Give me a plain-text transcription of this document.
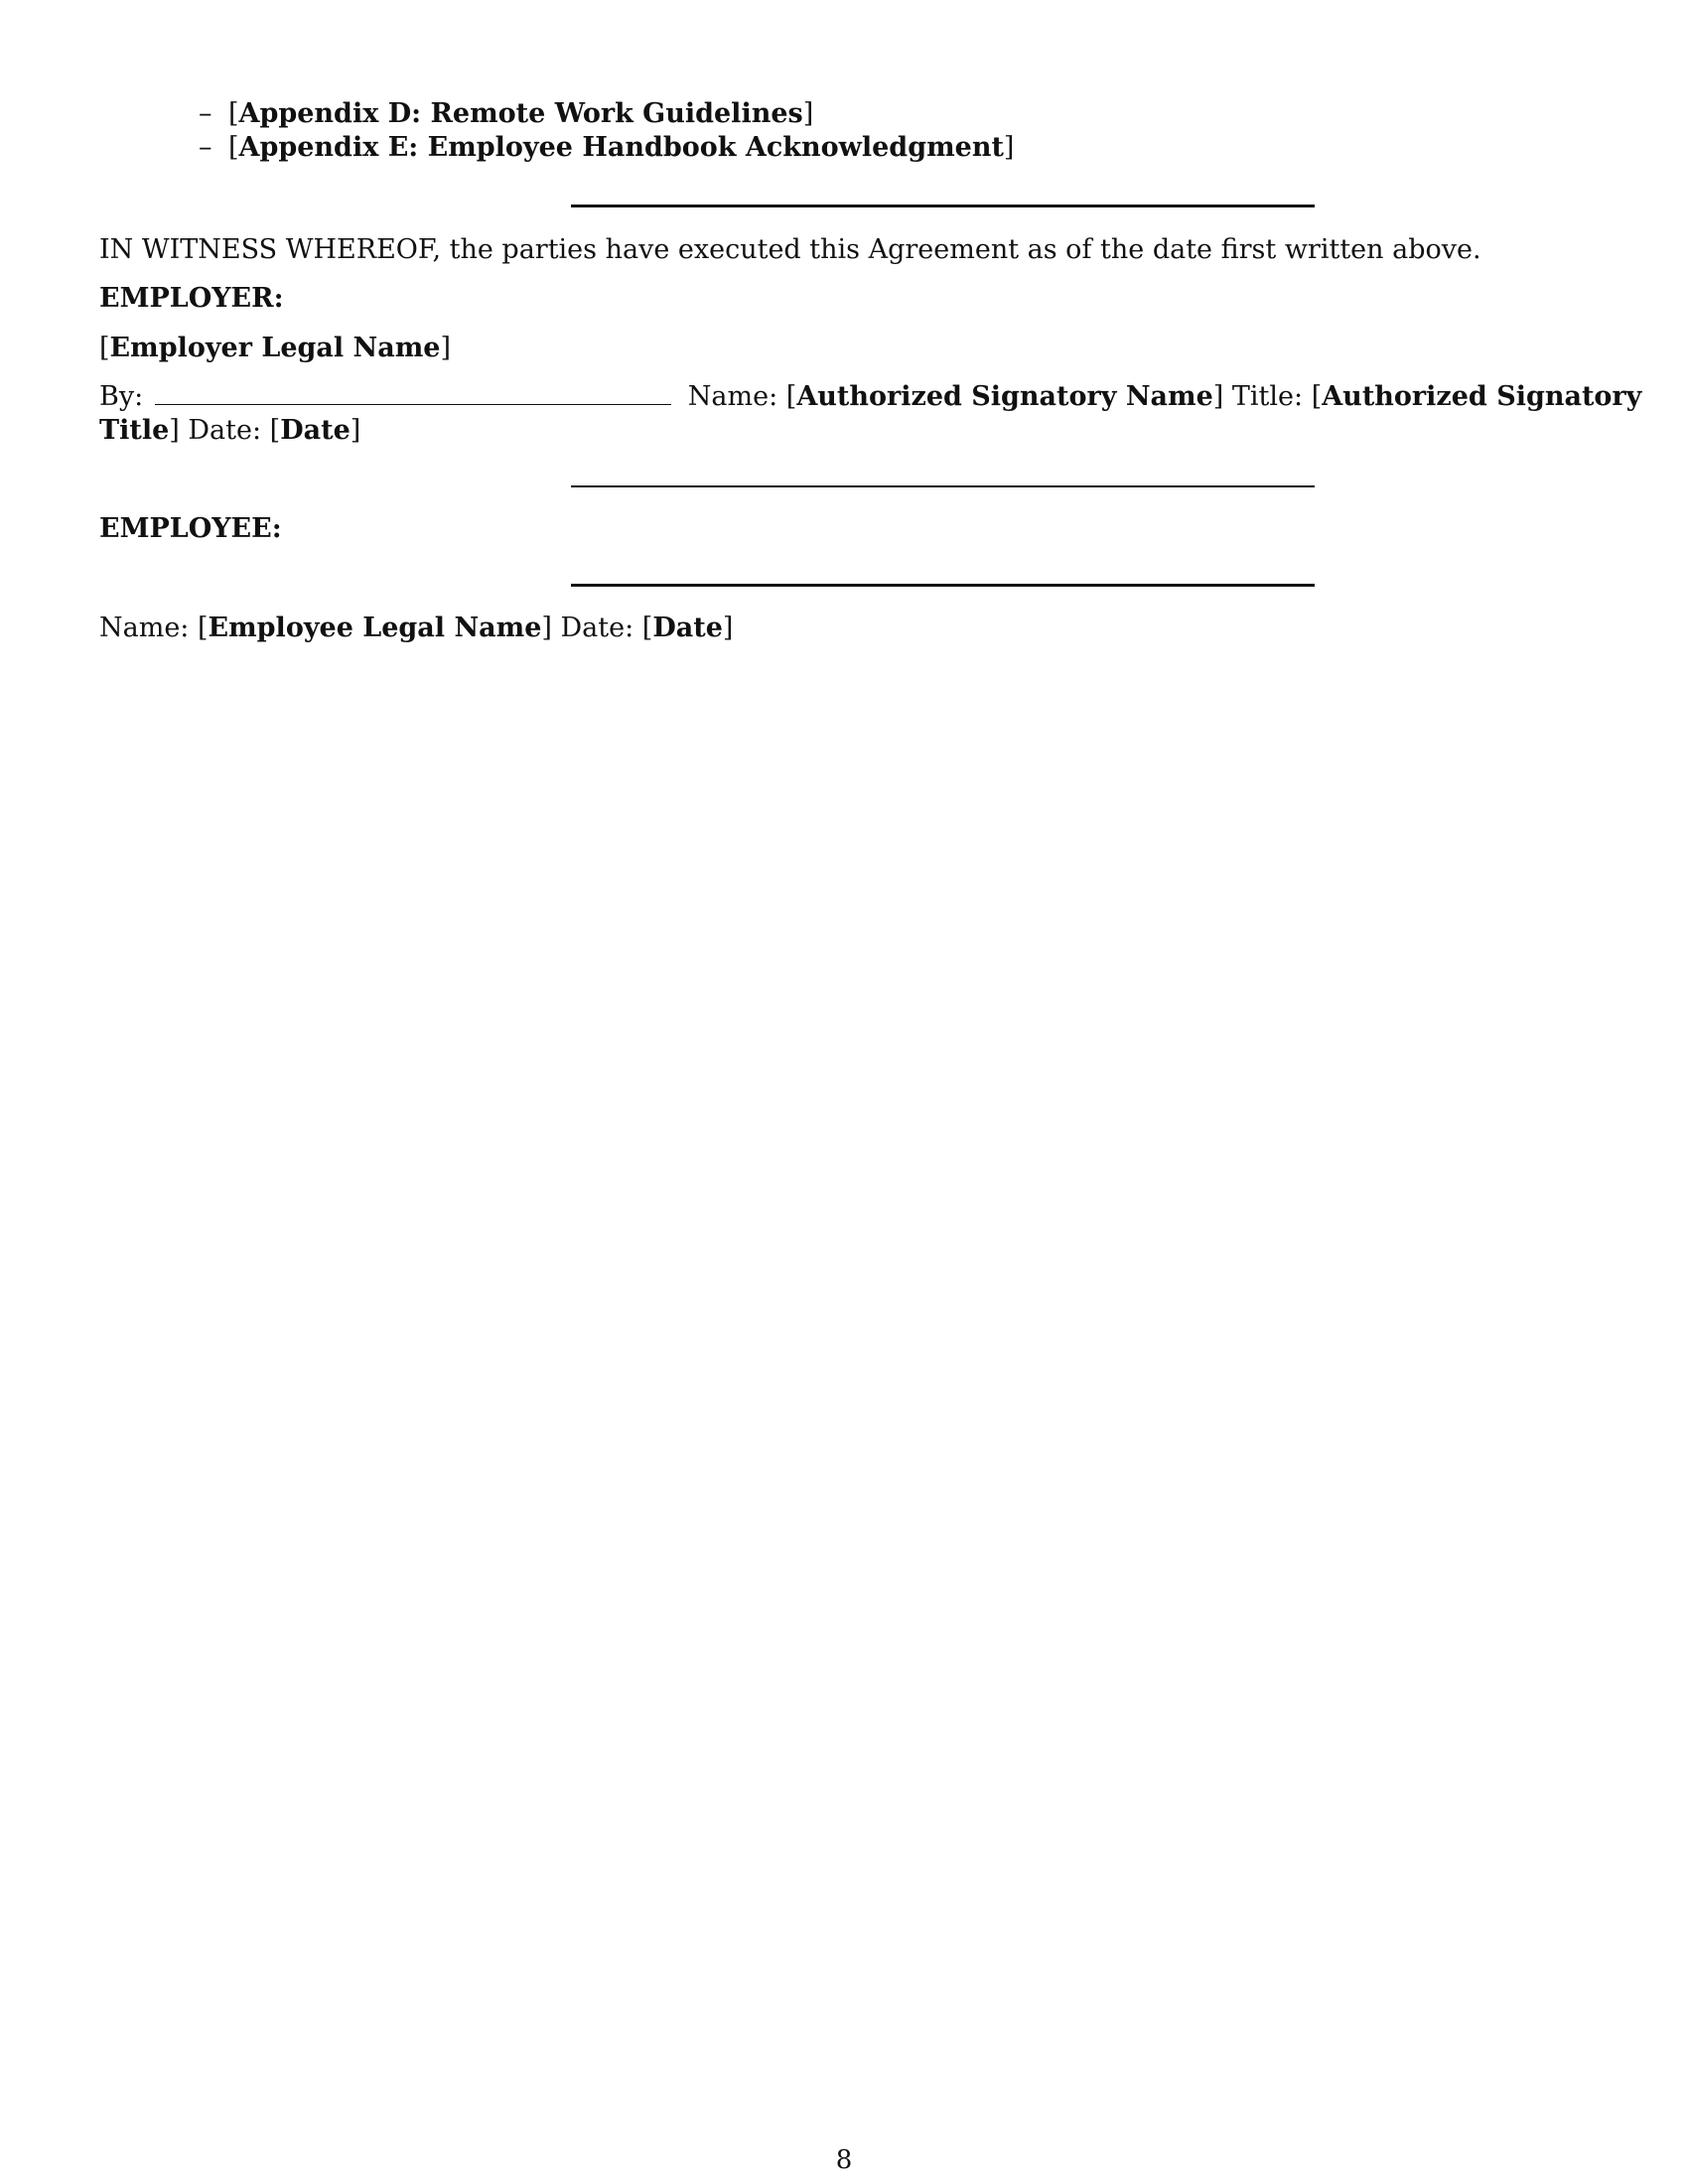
– [Appendix D: Remote Work Guidelines]
– [Appendix E: Employee Handbook Acknowledgment]
IN WITNESS WHEREOF, the parties have executed this Agreement as of the date first written above.
EMPLOYER:
[Employer Legal Name]
By:	Name: [Authorized Signatory Name] Title: [Authorized Signatory
Title] Date: [Date]
EMPLOYEE:
Name: [Employee Legal Name] Date: [Date]
8
